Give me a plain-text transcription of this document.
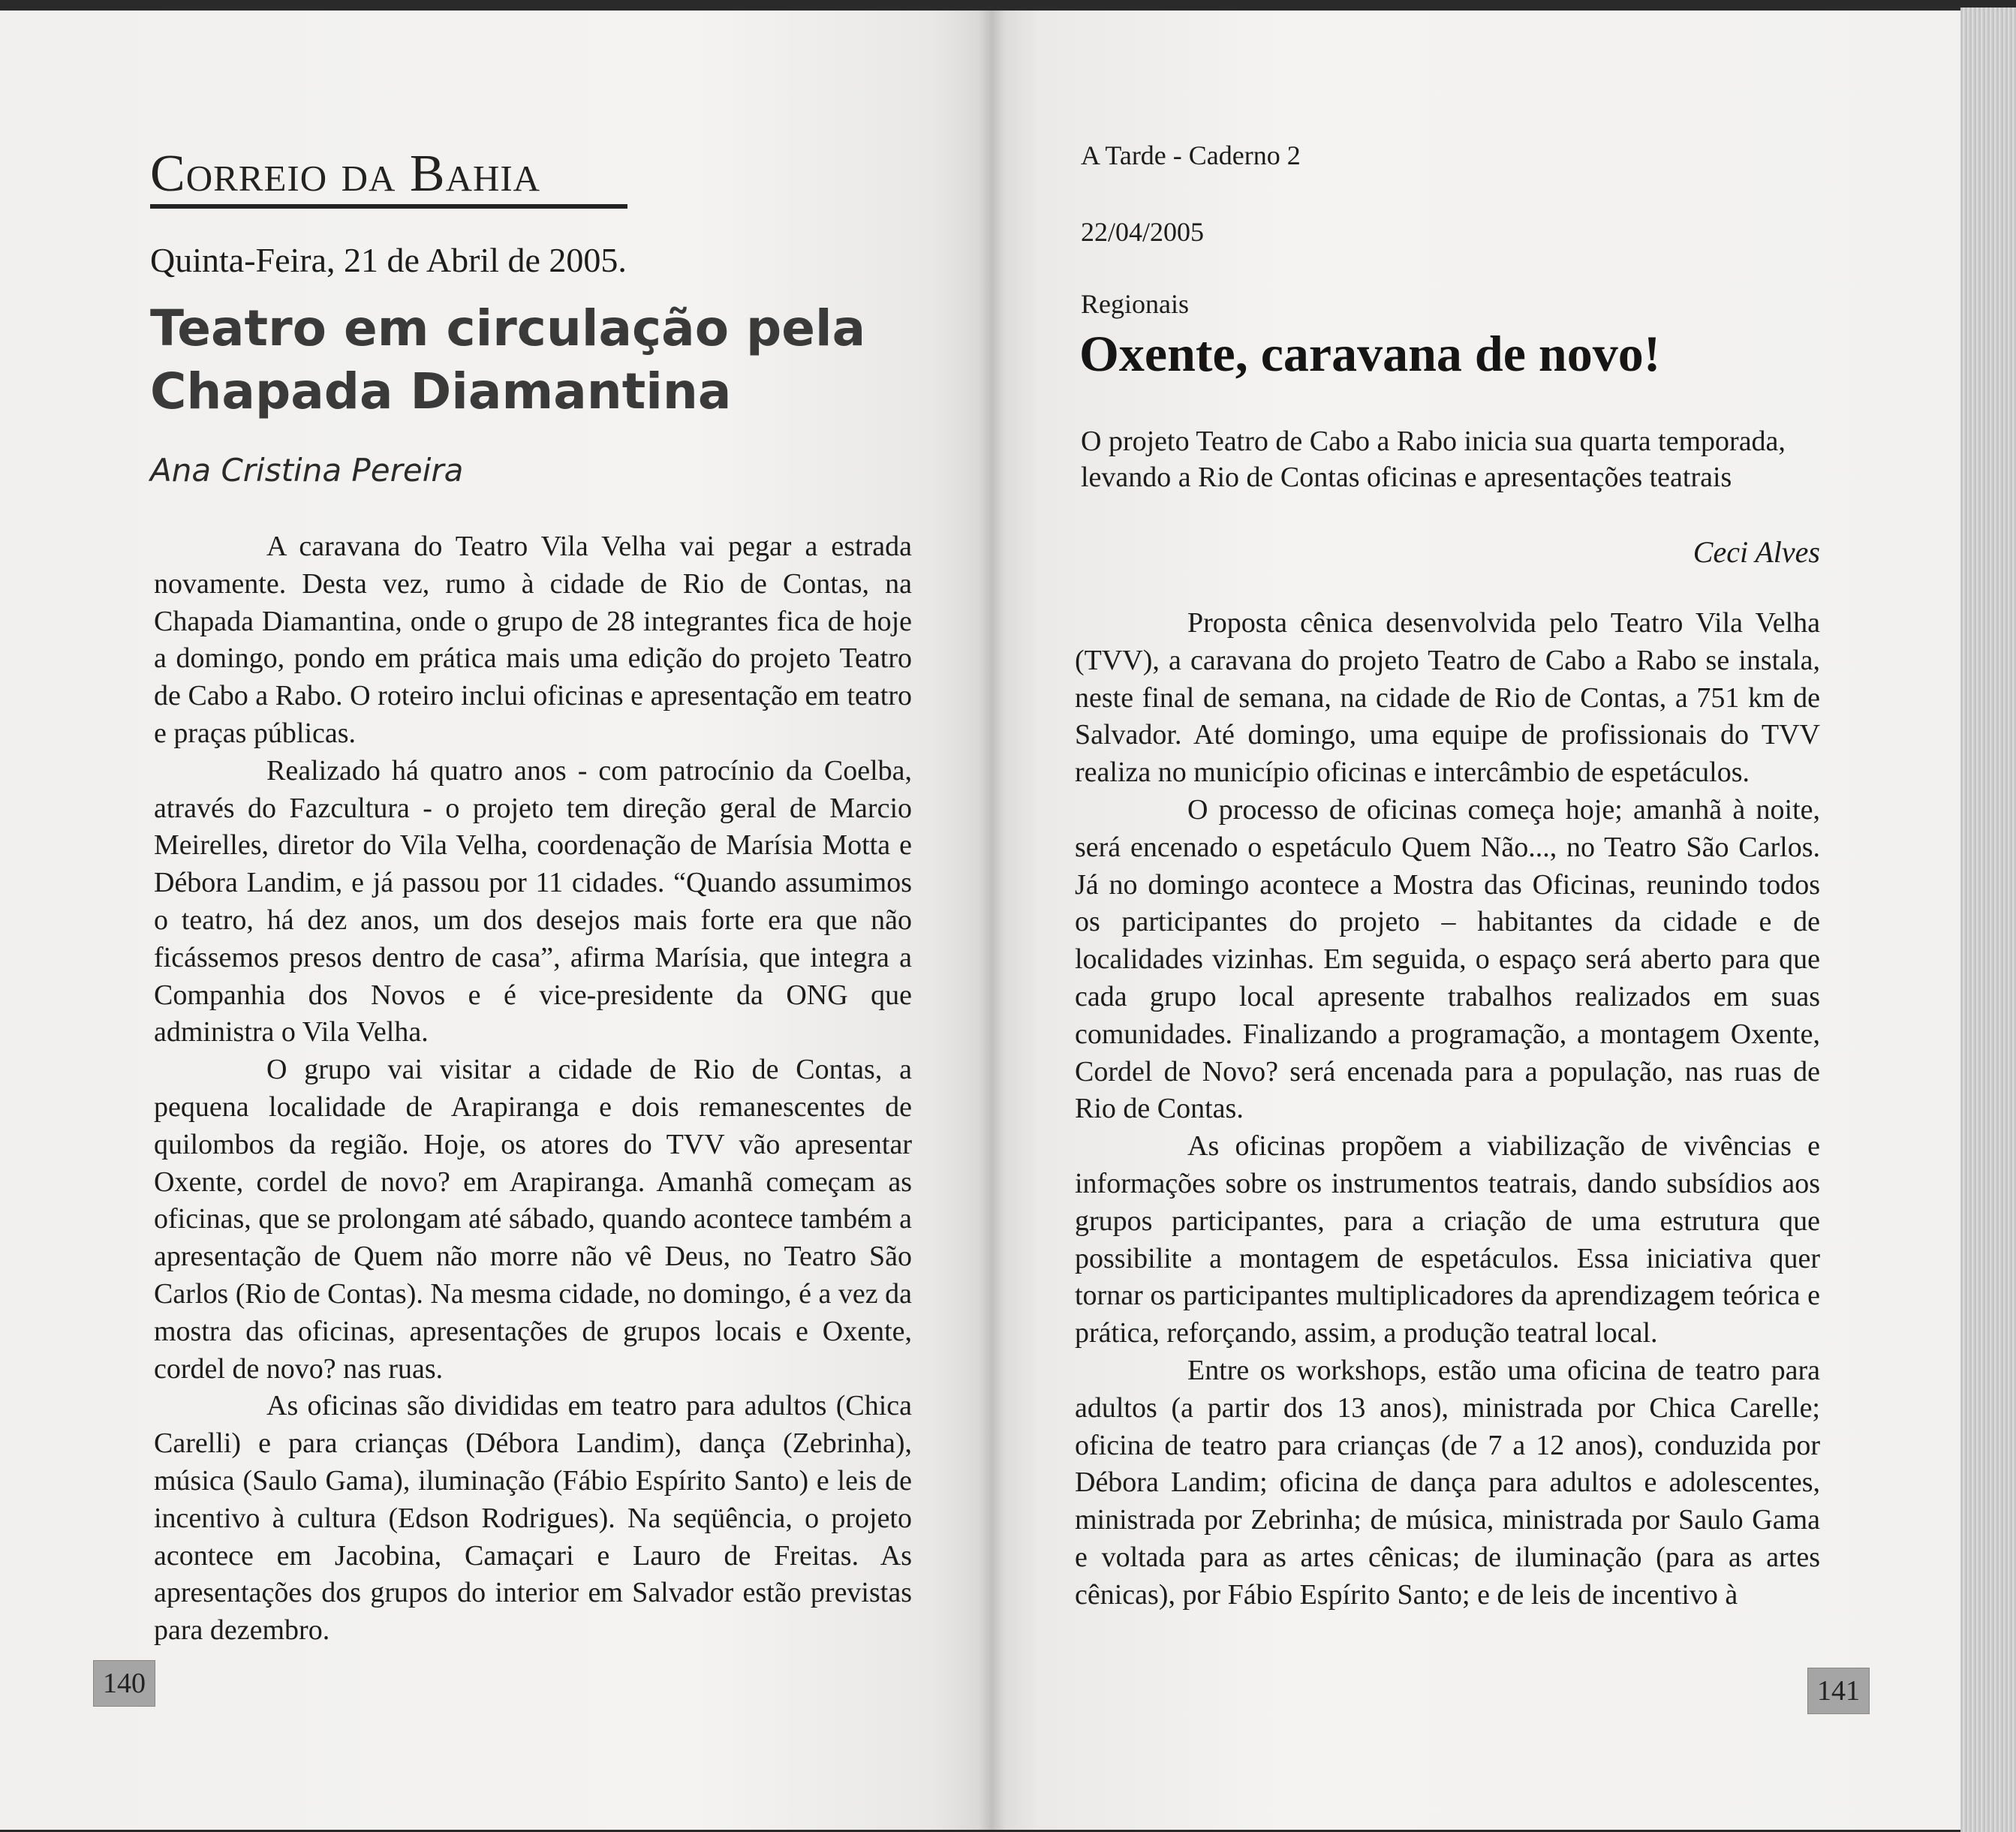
Correio da Bahia
Quinta-Feira, 21 de Abril de 2005.
Teatro em circulação pela Chapada Diamantina
Ana Cristina Pereira

A caravana do Teatro Vila Velha vai pegar a estrada novamente. Desta vez, rumo à cidade de Rio de Contas, na Chapada Diamantina, onde o grupo de 28 integrantes fica de hoje a domingo, pondo em prática mais uma edição do projeto Teatro de Cabo a Rabo. O roteiro inclui oficinas e apresentação em teatro e praças públicas.

Realizado há quatro anos - com patrocínio da Coelba, através do Fazcultura - o projeto tem direção geral de Marcio Meirelles, diretor do Vila Velha, coordenação de Marísia Motta e Débora Landim, e já passou por 11 cidades. “Quando assumimos o teatro, há dez anos, um dos desejos mais forte era que não ficássemos presos dentro de casa”, afirma Marísia, que integra a Companhia dos Novos e é vice-presidente da ONG que administra o Vila Velha.

O grupo vai visitar a cidade de Rio de Contas, a pequena localidade de Arapiranga e dois remanescentes de quilombos da região. Hoje, os atores do TVV vão apresentar Oxente, cordel de novo? em Arapiranga. Amanhã começam as oficinas, que se prolongam até sábado, quando acontece também a apresentação de Quem não morre não vê Deus, no Teatro São Carlos (Rio de Contas). Na mesma cidade, no domingo, é a vez da mostra das oficinas, apresentações de grupos locais e Oxente, cordel de novo? nas ruas.

As oficinas são divididas em teatro para adultos (Chica Carelli) e para crianças (Débora Landim), dança (Zebrinha), música (Saulo Gama), iluminação (Fábio Espírito Santo) e leis de incentivo à cultura (Edson Rodrigues). Na seqüência, o projeto acontece em Jacobina, Camaçari e Lauro de Freitas. As apresentações dos grupos do interior em Salvador estão previstas para dezembro.

A Tarde - Caderno 2
22/04/2005
Regionais
Oxente, caravana de novo!
O projeto Teatro de Cabo a Rabo inicia sua quarta temporada, levando a Rio de Contas oficinas e apresentações teatrais
Ceci Alves

Proposta cênica desenvolvida pelo Teatro Vila Velha (TVV), a caravana do projeto Teatro de Cabo a Rabo se instala, neste final de semana, na cidade de Rio de Contas, a 751 km de Salvador. Até domingo, uma equipe de profissionais do TVV realiza no município oficinas e intercâmbio de espetáculos.

O processo de oficinas começa hoje; amanhã à noite, será encenado o espetáculo Quem Não..., no Teatro São Carlos. Já no domingo acontece a Mostra das Oficinas, reunindo todos os participantes do projeto – habitantes da cidade e de localidades vizinhas. Em seguida, o espaço será aberto para que cada grupo local apresente trabalhos realizados em suas comunidades. Finalizando a programação, a montagem Oxente, Cordel de Novo? será encenada para a população, nas ruas de Rio de Contas.

As oficinas propõem a viabilização de vivências e informações sobre os instrumentos teatrais, dando subsídios aos grupos participantes, para a criação de uma estrutura que possibilite a montagem de espetáculos. Essa iniciativa quer tornar os participantes multiplicadores da aprendizagem teórica e prática, reforçando, assim, a produção teatral local.

Entre os workshops, estão uma oficina de teatro para adultos (a partir dos 13 anos), ministrada por Chica Carelle; oficina de teatro para crianças (de 7 a 12 anos), conduzida por Débora Landim; oficina de dança para adultos e adolescentes, ministrada por Zebrinha; de música, ministrada por Saulo Gama e voltada para as artes cênicas; de iluminação (para as artes cênicas), por Fábio Espírito Santo; e de leis de incentivo à

140	141
